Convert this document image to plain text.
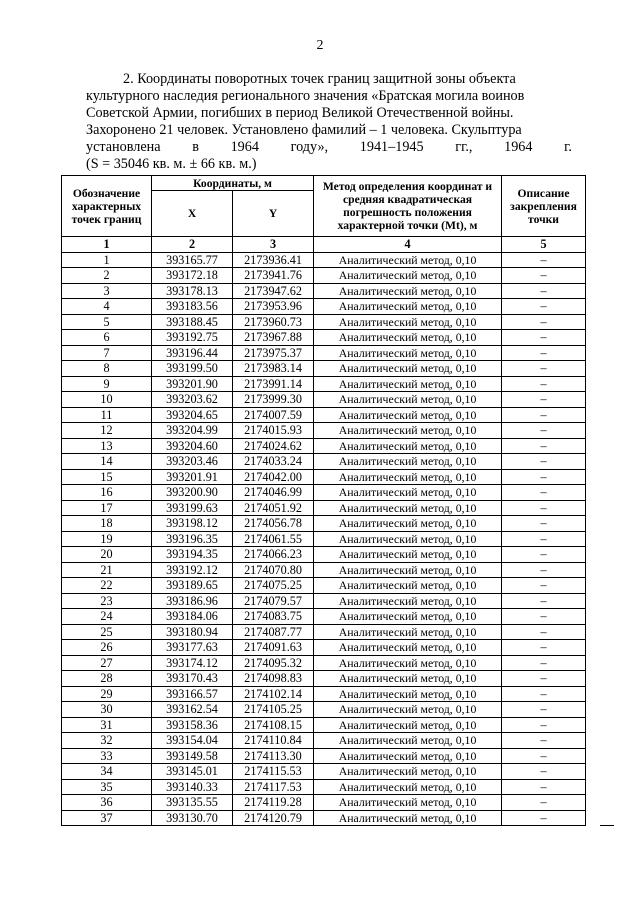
2
2. Координаты поворотных точек границ защитной зоны объекта
культурного наследия регионального значения «Братская могила воинов
Советской Армии, погибших в период Великой Отечественной войны.
Захоронено 21 человек. Установлено фамилий – 1 человека. Скульптура
установлена в 1964 году», 1941–1945 гг., 1964 г.
(S = 35046 кв. м. ± 66 кв. м.)
Обозначение характерных точек границ	Координаты, м		Метод определения координат и средняя квадратическая погрешность положения характерной точки (Mt), м	Описание закрепления точки
	X	Y		
1	2	3	4	5
1	393165.77	2173936.41	Аналитический метод, 0,10	–
2	393172.18	2173941.76	Аналитический метод, 0,10	–
3	393178.13	2173947.62	Аналитический метод, 0,10	–
4	393183.56	2173953.96	Аналитический метод, 0,10	–
5	393188.45	2173960.73	Аналитический метод, 0,10	–
6	393192.75	2173967.88	Аналитический метод, 0,10	–
7	393196.44	2173975.37	Аналитический метод, 0,10	–
8	393199.50	2173983.14	Аналитический метод, 0,10	–
9	393201.90	2173991.14	Аналитический метод, 0,10	–
10	393203.62	2173999.30	Аналитический метод, 0,10	–
11	393204.65	2174007.59	Аналитический метод, 0,10	–
12	393204.99	2174015.93	Аналитический метод, 0,10	–
13	393204.60	2174024.62	Аналитический метод, 0,10	–
14	393203.46	2174033.24	Аналитический метод, 0,10	–
15	393201.91	2174042.00	Аналитический метод, 0,10	–
16	393200.90	2174046.99	Аналитический метод, 0,10	–
17	393199.63	2174051.92	Аналитический метод, 0,10	–
18	393198.12	2174056.78	Аналитический метод, 0,10	–
19	393196.35	2174061.55	Аналитический метод, 0,10	–
20	393194.35	2174066.23	Аналитический метод, 0,10	–
21	393192.12	2174070.80	Аналитический метод, 0,10	–
22	393189.65	2174075.25	Аналитический метод, 0,10	–
23	393186.96	2174079.57	Аналитический метод, 0,10	–
24	393184.06	2174083.75	Аналитический метод, 0,10	–
25	393180.94	2174087.77	Аналитический метод, 0,10	–
26	393177.63	2174091.63	Аналитический метод, 0,10	–
27	393174.12	2174095.32	Аналитический метод, 0,10	–
28	393170.43	2174098.83	Аналитический метод, 0,10	–
29	393166.57	2174102.14	Аналитический метод, 0,10	–
30	393162.54	2174105.25	Аналитический метод, 0,10	–
31	393158.36	2174108.15	Аналитический метод, 0,10	–
32	393154.04	2174110.84	Аналитический метод, 0,10	–
33	393149.58	2174113.30	Аналитический метод, 0,10	–
34	393145.01	2174115.53	Аналитический метод, 0,10	–
35	393140.33	2174117.53	Аналитический метод, 0,10	–
36	393135.55	2174119.28	Аналитический метод, 0,10	–
37	393130.70	2174120.79	Аналитический метод, 0,10	–
